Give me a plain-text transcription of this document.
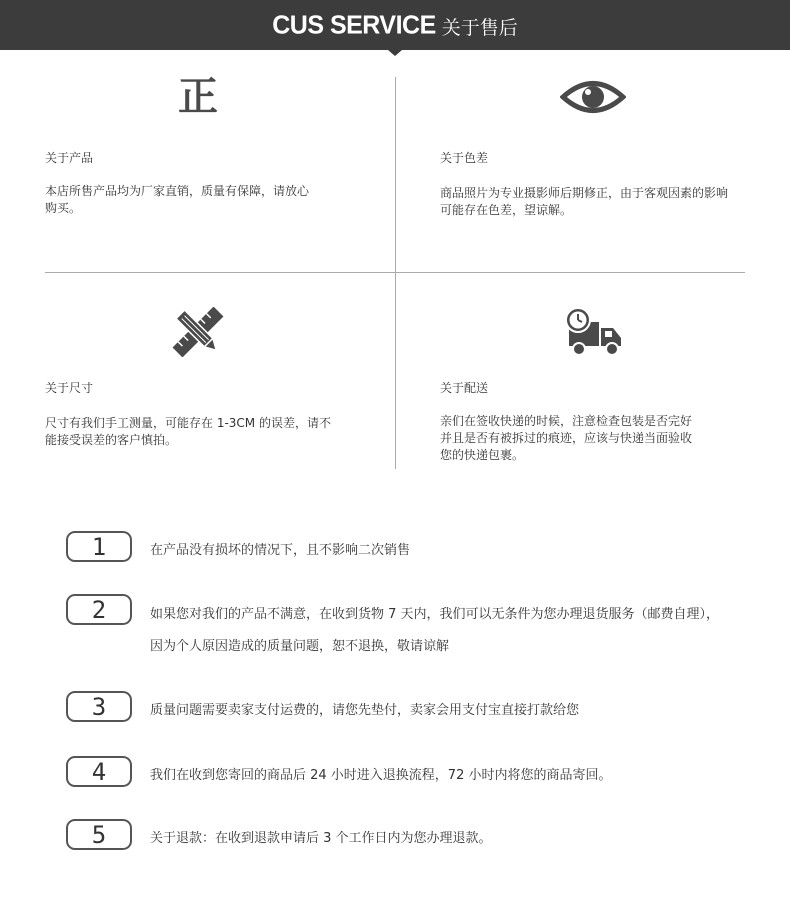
CUS SERVICE 关于售后
正
关于产品
本店所售产品均为厂家直销，质量有保障，请放心
购买。
关于色差
商品照片为专业摄影师后期修正，由于客观因素的影响
可能存在色差，望谅解。
关于尺寸
尺寸有我们手工测量，可能存在 1-3CM 的误差，请不
能接受误差的客户慎拍。
关于配送
亲们在签收快递的时候，注意检查包装是否完好
并且是否有被拆过的痕迹，应该与快递当面验收
您的快递包裹。
1	在产品没有损坏的情况下，且不影响二次销售
2	如果您对我们的产品不满意，在收到货物 7 天内，我们可以无条件为您办理退货服务（邮费自理），
因为个人原因造成的质量问题，恕不退换，敬请谅解
3	质量问题需要卖家支付运费的，请您先垫付，卖家会用支付宝直接打款给您
4	我们在收到您寄回的商品后 24 小时进入退换流程，72 小时内将您的商品寄回。
5	关于退款：在收到退款申请后 3 个工作日内为您办理退款。
